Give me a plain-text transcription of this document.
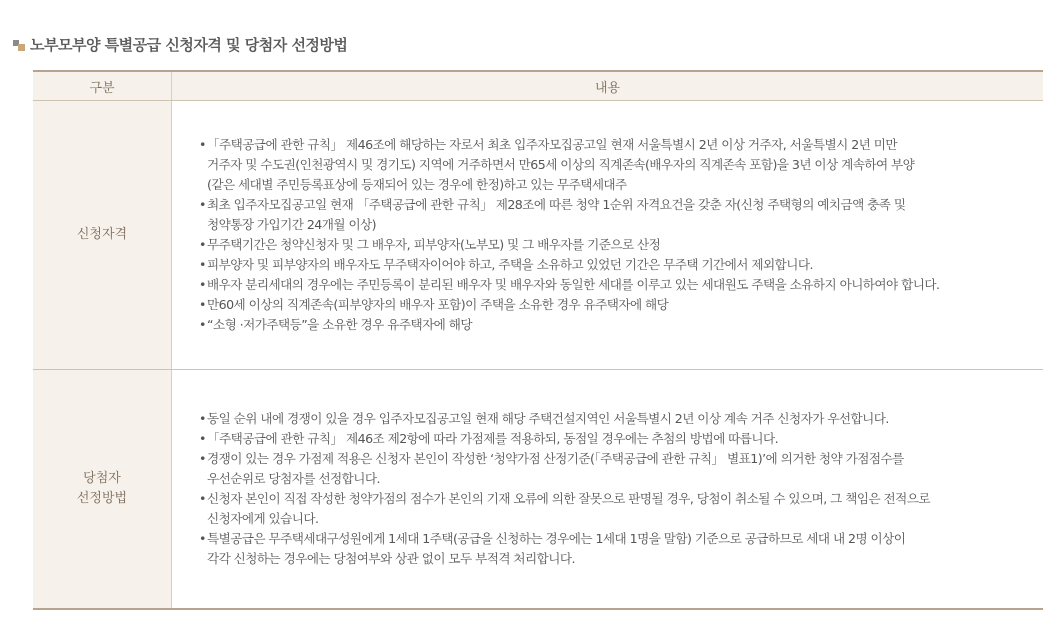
노부모부양 특별공급 신청자격 및 당첨자 선정방법
구분	내용
신청자격
• 「주택공급에 관한 규칙」 제46조에 해당하는 자로서 최초 입주자모집공고일 현재 서울특별시 2년 이상 거주자, 서울특별시 2년 미만
거주자 및 수도권(인천광역시 및 경기도) 지역에 거주하면서 만65세 이상의 직계존속(배우자의 직계존속 포함)을 3년 이상 계속하여 부양
(같은 세대별 주민등록표상에 등재되어 있는 경우에 한정)하고 있는 무주택세대주
• 최초 입주자모집공고일 현재 「주택공급에 관한 규칙」 제28조에 따른 청약 1순위 자격요건을 갖춘 자(신청 주택형의 예치금액 충족 및
청약통장 가입기간 24개월 이상)
• 무주택기간은 청약신청자 및 그 배우자, 피부양자(노부모) 및 그 배우자를 기준으로 산정
• 피부양자 및 피부양자의 배우자도 무주택자이어야 하고, 주택을 소유하고 있었던 기간은 무주택 기간에서 제외합니다.
• 배우자 분리세대의 경우에는 주민등록이 분리된 배우자 및 배우자와 동일한 세대를 이루고 있는 세대원도 주택을 소유하지 아니하여야 합니다.
• 만60세 이상의 직계존속(피부양자의 배우자 포함)이 주택을 소유한 경우 유주택자에 해당
• “소형 ·저가주택등”을 소유한 경우 유주택자에 해당
당첨자
선정방법
• 동일 순위 내에 경쟁이 있을 경우 입주자모집공고일 현재 해당 주택건설지역인 서울특별시 2년 이상 계속 거주 신청자가 우선합니다.
• 「주택공급에 관한 규칙」 제46조 제2항에 따라 가점제를 적용하되, 동점일 경우에는 추첨의 방법에 따릅니다.
• 경쟁이 있는 경우 가점제 적용은 신청자 본인이 작성한 ‘청약가점 산정기준(「주택공급에 관한 규칙」 별표1)’에 의거한 청약 가점점수를
우선순위로 당첨자를 선정합니다.
• 신청자 본인이 직접 작성한 청약가점의 점수가 본인의 기재 오류에 의한 잘못으로 판명될 경우, 당첨이 취소될 수 있으며, 그 책임은 전적으로
신청자에게 있습니다.
• 특별공급은 무주택세대구성원에게 1세대 1주택(공급을 신청하는 경우에는 1세대 1명을 말함) 기준으로 공급하므로 세대 내 2명 이상이
각각 신청하는 경우에는 당첨여부와 상관 없이 모두 부적격 처리합니다.
